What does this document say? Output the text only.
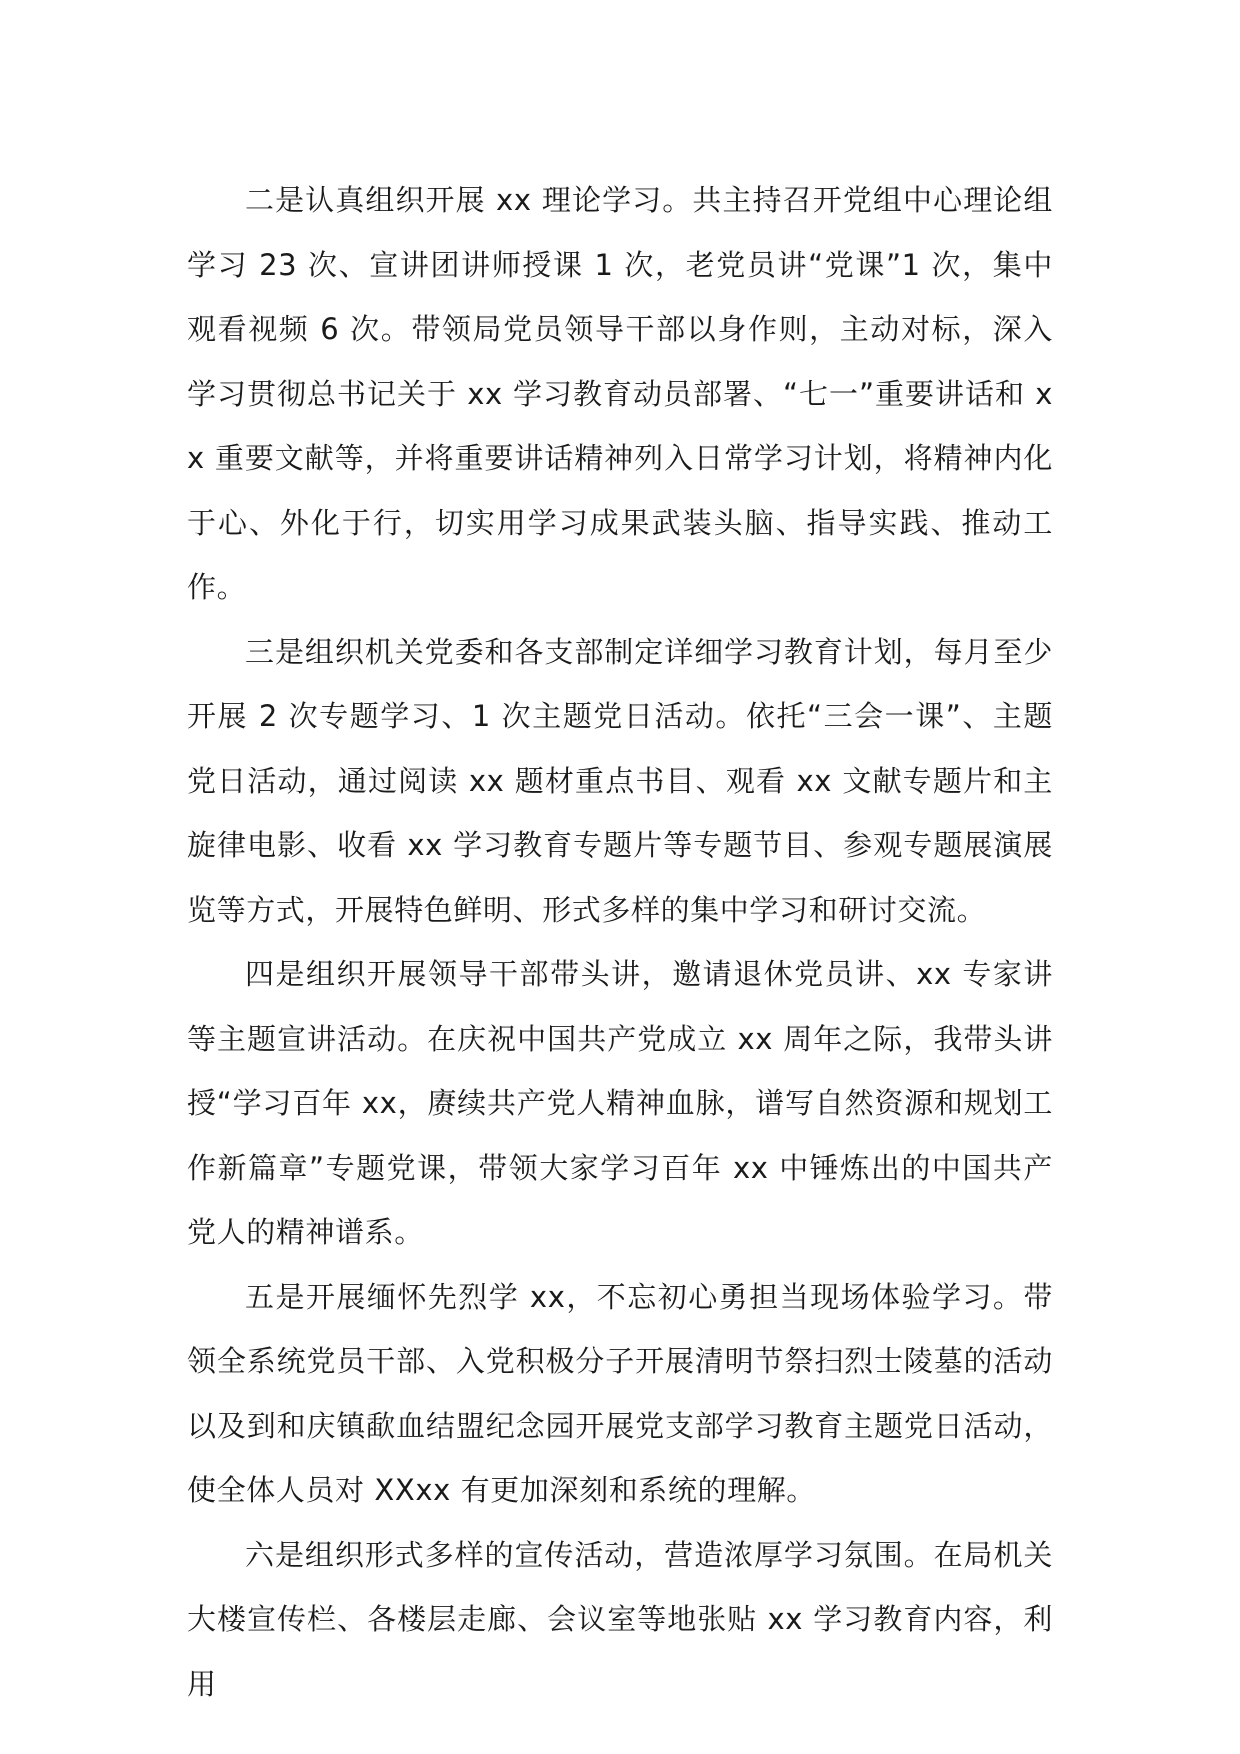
二是认真组织开展 xx 理论学习。共主持召开党组中心理论组学习 23 次、宣讲团讲师授课 1 次，老党员讲“党课”1 次，集中观看视频 6 次。带领局党员领导干部以身作则，主动对标，深入学习贯彻总书记关于 xx 学习教育动员部署、“七一”重要讲话和 xx 重要文献等，并将重要讲话精神列入日常学习计划，将精神内化于心、外化于行，切实用学习成果武装头脑、指导实践、推动工作。

三是组织机关党委和各支部制定详细学习教育计划，每月至少开展 2 次专题学习、1 次主题党日活动。依托“三会一课”、主题党日活动，通过阅读 xx 题材重点书目、观看 xx 文献专题片和主旋律电影、收看 xx 学习教育专题片等专题节目、参观专题展演展览等方式，开展特色鲜明、形式多样的集中学习和研讨交流。

四是组织开展领导干部带头讲，邀请退休党员讲、xx 专家讲等主题宣讲活动。在庆祝中国共产党成立 xx 周年之际，我带头讲授“学习百年 xx，赓续共产党人精神血脉，谱写自然资源和规划工作新篇章”专题党课，带领大家学习百年 xx 中锤炼出的中国共产党人的精神谱系。

五是开展缅怀先烈学 xx，不忘初心勇担当现场体验学习。带领全系统党员干部、入党积极分子开展清明节祭扫烈士陵墓的活动以及到和庆镇歃血结盟纪念园开展党支部学习教育主题党日活动，使全体人员对 XXxx 有更加深刻和系统的理解。

六是组织形式多样的宣传活动，营造浓厚学习氛围。在局机关大楼宣传栏、各楼层走廊、会议室等地张贴 xx 学习教育内容，利用
